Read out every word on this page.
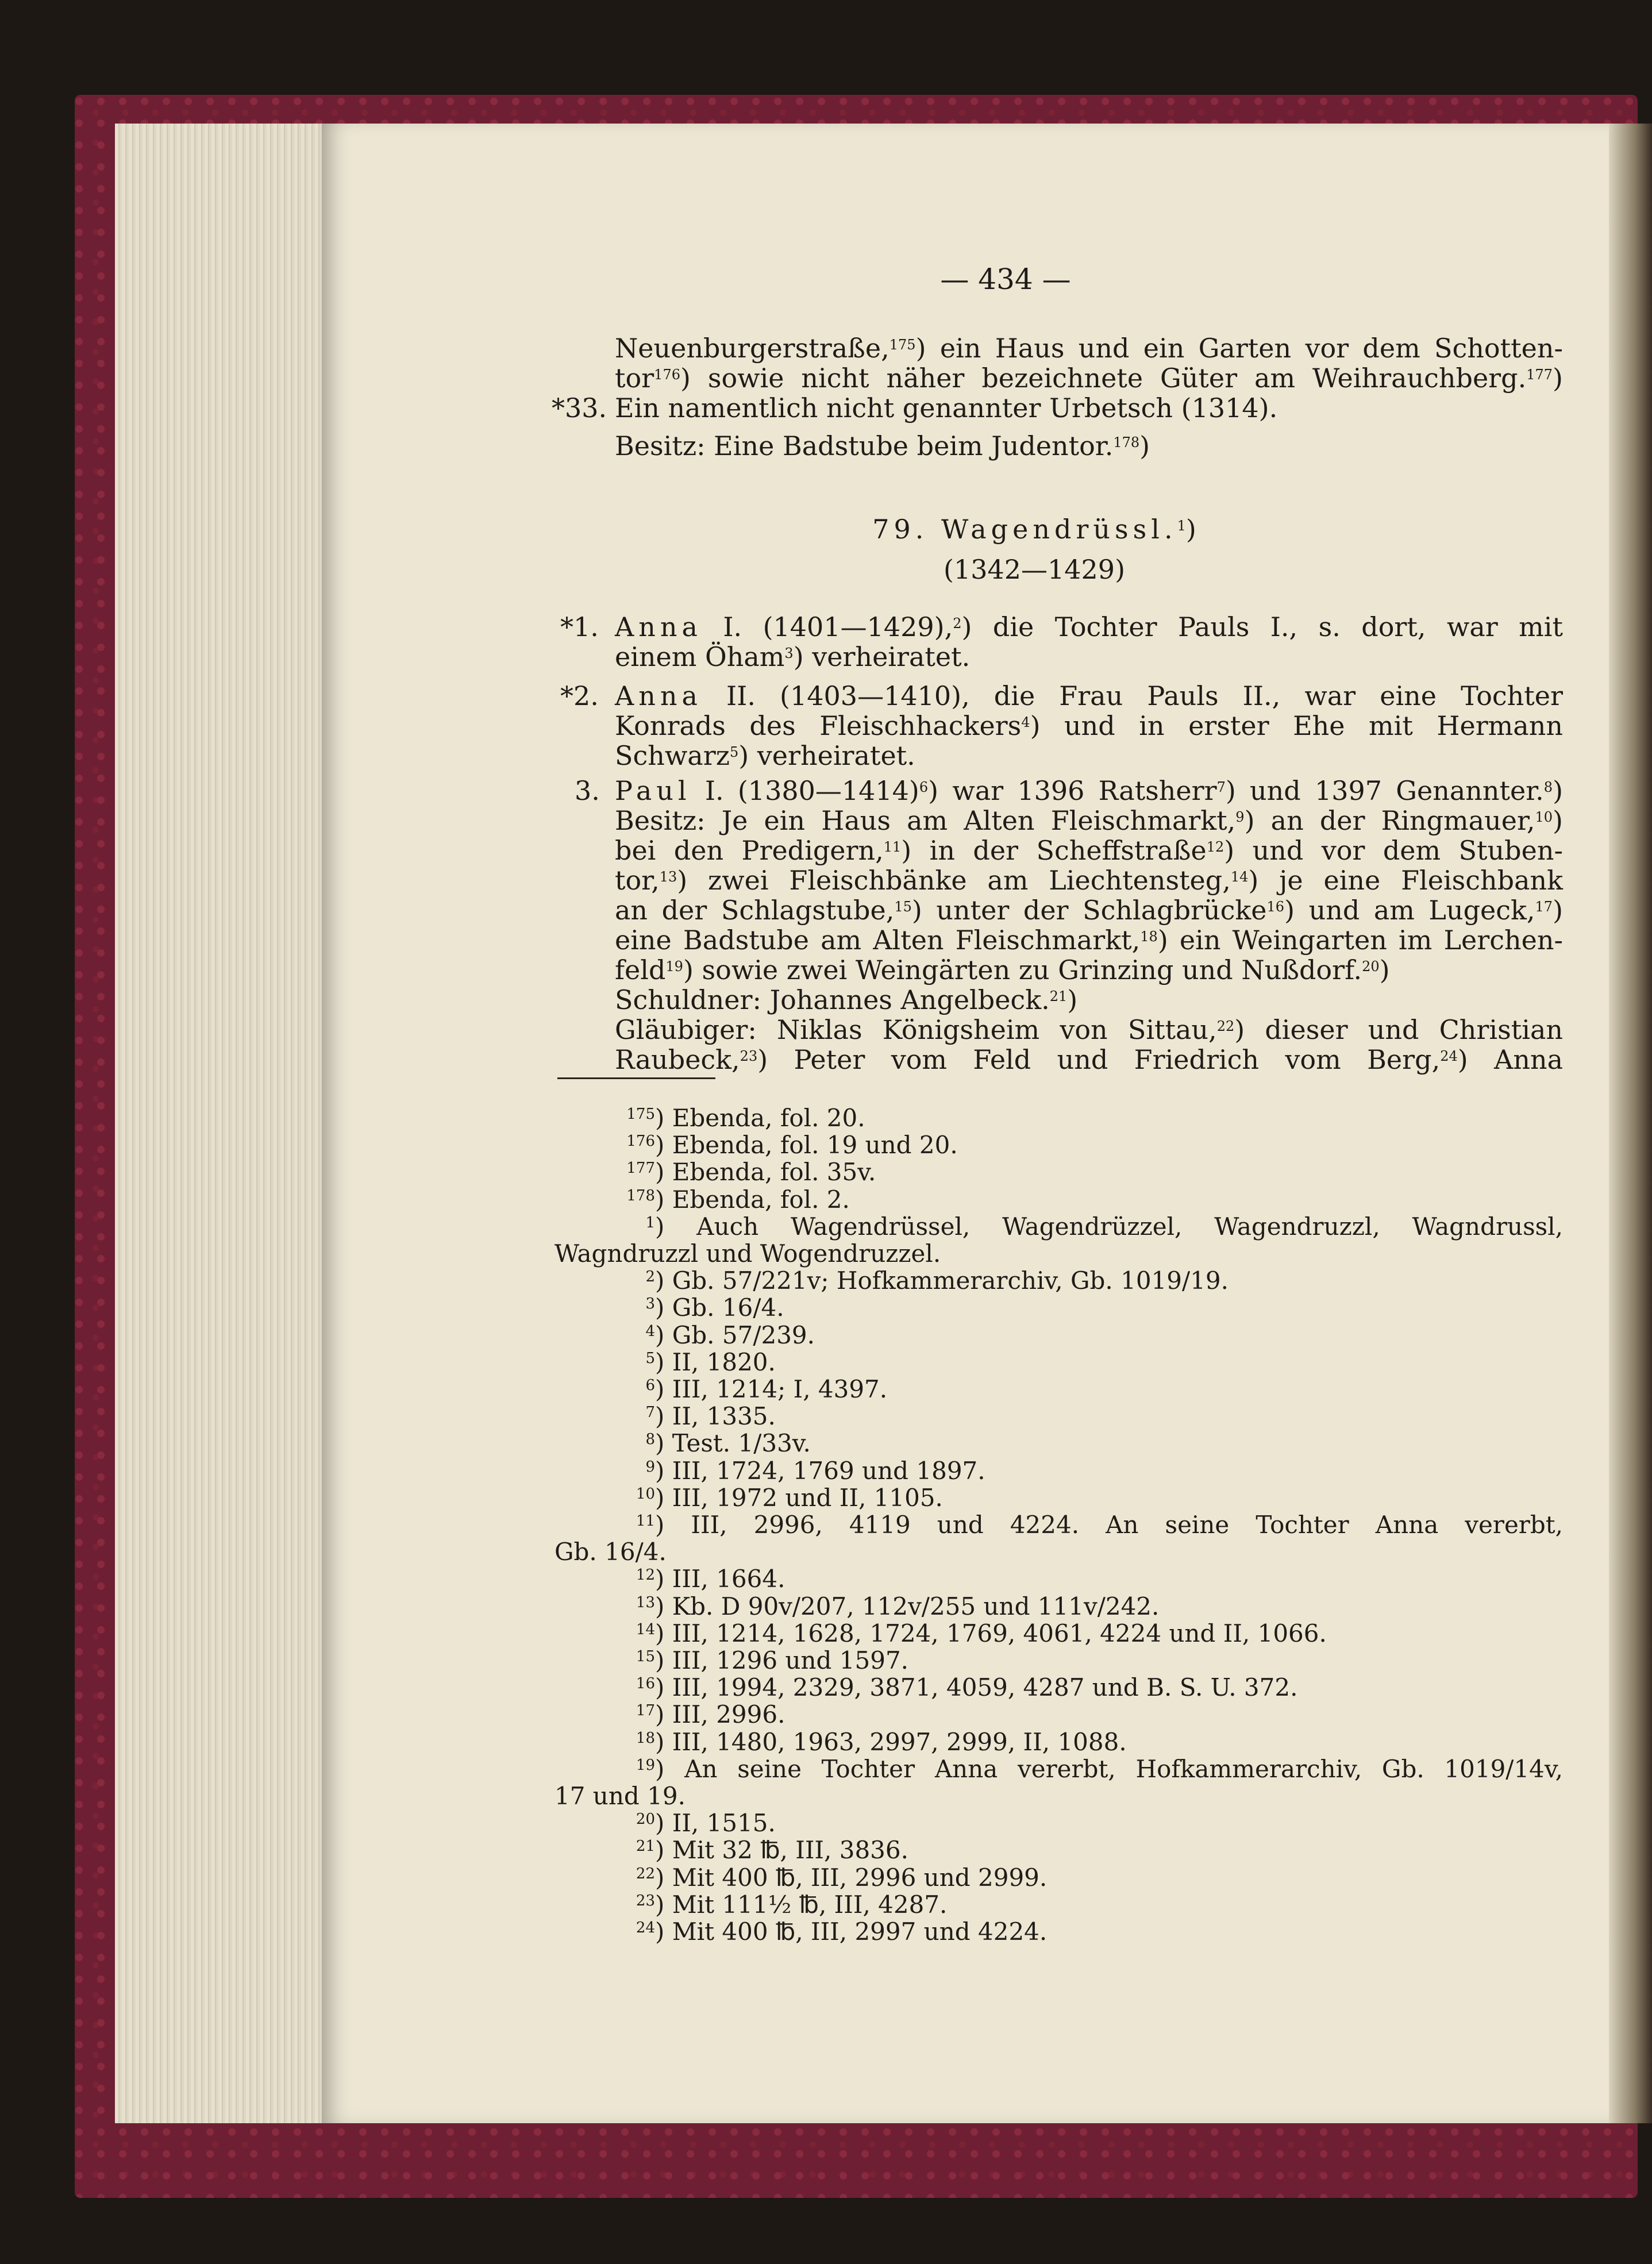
— 434 —
Neuenburgerstraße,$^{175}$) ein Haus und ein Garten vor dem Schotten-
tor$^{176}$) sowie nicht näher bezeichnete Güter am Weihrauchberg.$^{177}$)
*33. Ein namentlich nicht genannter Urbetsch (1314).
Besitz: Eine Badstube beim Judentor.$^{178}$)
79. Wagendrüssl.$^1$)
(1342—1429)
*1. Anna I. (1401—1429),$^2$) die Tochter Pauls I., s. dort, war mit
einem Öham$^3$) verheiratet.
*2. Anna II. (1403—1410), die Frau Pauls II., war eine Tochter
Konrads des Fleischhackers$^4$) und in erster Ehe mit Hermann
Schwarz$^5$) verheiratet.
3. Paul I. (1380—1414)$^6$) war 1396 Ratsherr$^7$) und 1397 Genannter.$^8$)
Besitz: Je ein Haus am Alten Fleischmarkt,$^9$) an der Ringmauer,$^{10}$)
bei den Predigern,$^{11}$) in der Scheffstraße$^{12}$) und vor dem Stuben-
tor,$^{13}$) zwei Fleischbänke am Liechtensteg,$^{14}$) je eine Fleischbank
an der Schlagstube,$^{15}$) unter der Schlagbrücke$^{16}$) und am Lugeck,$^{17}$)
eine Badstube am Alten Fleischmarkt,$^{18}$) ein Weingarten im Lerchen-
feld$^{19}$) sowie zwei Weingärten zu Grinzing und Nußdorf.$^{20}$)
Schuldner: Johannes Angelbeck.$^{21}$)
Gläubiger: Niklas Königsheim von Sittau,$^{22}$) dieser und Christian
Raubeck,$^{23}$) Peter vom Feld und Friedrich vom Berg,$^{24}$) Anna
175 ) Ebenda, fol. 20.
176 ) Ebenda, fol. 19 und 20.
177 ) Ebenda, fol. 35v.
178 ) Ebenda, fol. 2.
1 ) Auch Wagendrüssel, Wagendrüzzel, Wagendruzzl, Wagndrussl,
Wagndruzzl und Wogendruzzel.
2 ) Gb. 57/221v; Hofkammerarchiv, Gb. 1019/19.
3 ) Gb. 16/4.
4 ) Gb. 57/239.
5 ) II, 1820.
6 ) III, 1214; I, 4397.
7 ) II, 1335.
8 ) Test. 1/33v.
9 ) III, 1724, 1769 und 1897.
10 ) III, 1972 und II, 1105.
11 ) III, 2996, 4119 und 4224. An seine Tochter Anna vererbt,
Gb. 16/4.
12 ) III, 1664.
13 ) Kb. D 90v/207, 112v/255 und 111v/242.
14 ) III, 1214, 1628, 1724, 1769, 4061, 4224 und II, 1066.
15 ) III, 1296 und 1597.
16 ) III, 1994, 2329, 3871, 4059, 4287 und B. S. U. 372.
17 ) III, 2996.
18 ) III, 1480, 1963, 2997, 2999, II, 1088.
19 ) An seine Tochter Anna vererbt, Hofkammerarchiv, Gb. 1019/14v,
17 und 19.
20 ) II, 1515.
21 ) Mit 32 ℔, III, 3836.
22 ) Mit 400 ℔, III, 2996 und 2999.
23 ) Mit 111½ ℔, III, 4287.
24 ) Mit 400 ℔, III, 2997 und 4224.
